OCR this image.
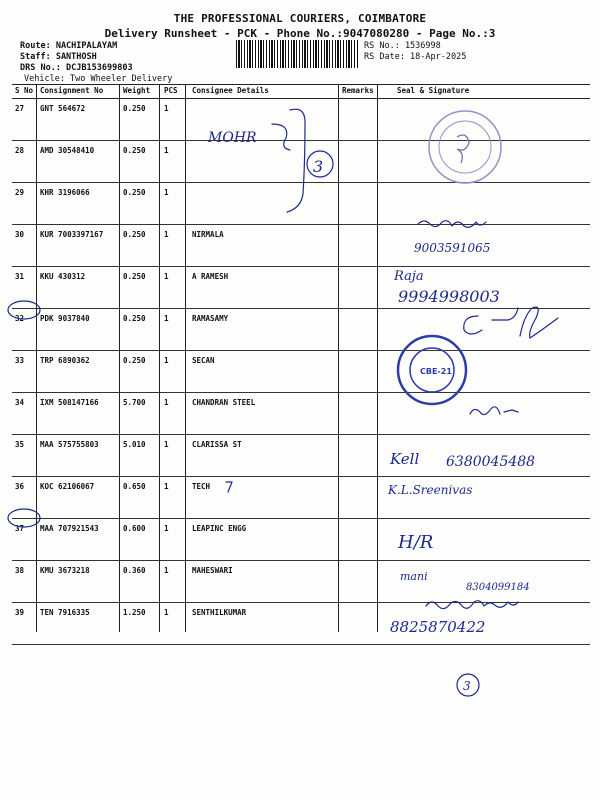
THE PROFESSIONAL COURIERS, COIMBATORE
Delivery Runsheet - PCK - Phone No.:9047080280 - Page No.:3
Route: NACHIPALAYAM
Staff: SANTHOSH
DRS No.: DCJB153699803
Vehicle: Two Wheeler Delivery
RS No.: 1536998
RS Date: 18-Apr-2025
S No Consignment No	Weight PCS Consignee Details	Remarks	Seal & Signature
27 GNT 564672	0.250 1
28 AMD 30548410	0.250 1
29 KHR 3196066	0.250 1
30 KUR 7003397167	0.250 1	NIRMALA
31 KKU 430312	0.250 1	A RAMESH
32 PDK 9037840	0.250 1	RAMASAMY
33 TRP 6890362	0.250 1	SECAN
34 IXM 508147166	5.700 1	CHANDRAN STEEL
35 MAA 575755803	5.010 1	CLARISSA ST
36 KOC 62106067	0.650 1	TECH
37 MAA 707921543	0.600 1	LEAPINC ENGG
38 KMU 3673218	0.360 1	MAHESWARI
39 TEN 7916335	1.250 1	SENTHILKUMAR
MOHR
3
9003591065
Raja
9994998003
CBE-21
Kell 6380045488
K.L.Sreenivas
H/R
mani
8304099184
8825870422
3
